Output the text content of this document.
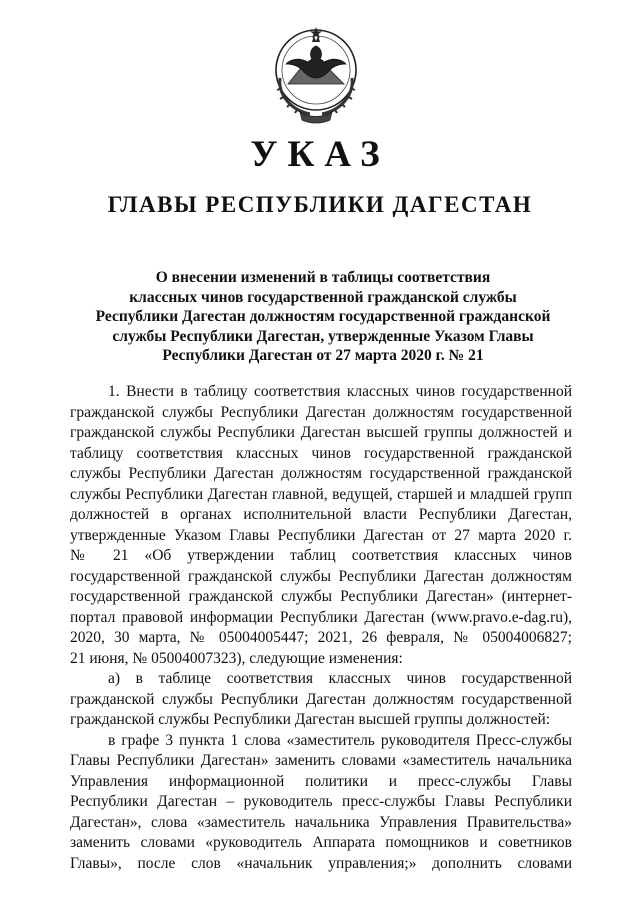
УКАЗ
ГЛАВЫ РЕСПУБЛИКИ ДАГЕСТАН
О внесении изменений в таблицы соответствия
классных чинов государственной гражданской службы
Республики Дагестан должностям государственной гражданской
службы Республики Дагестан, утвержденные Указом Главы
Республики Дагестан от 27 марта 2020 г. № 21
1. Внести в таблицу соответствия классных чинов государственной
гражданской службы Республики Дагестан должностям государственной
гражданской службы Республики Дагестан высшей группы должностей и
таблицу соответствия классных чинов государственной гражданской
службы Республики Дагестан должностям государственной гражданской
службы Республики Дагестан главной, ведущей, старшей и младшей групп
должностей в органах исполнительной власти Республики Дагестан,
утвержденные Указом Главы Республики Дагестан от 27 марта 2020 г.
№ 21 «Об утверждении таблиц соответствия классных чинов
государственной гражданской службы Республики Дагестан должностям
государственной гражданской службы Республики Дагестан» (интернет-
портал правовой информации Республики Дагестан (www.pravo.e-dag.ru),
2020, 30 марта, № 05004005447; 2021, 26 февраля, № 05004006827;
21 июня, № 05004007323), следующие изменения:
а) в таблице соответствия классных чинов государственной
гражданской службы Республики Дагестан должностям государственной
гражданской службы Республики Дагестан высшей группы должностей:
в графе 3 пункта 1 слова «заместитель руководителя Пресс-службы
Главы Республики Дагестан» заменить словами «заместитель начальника
Управления информационной политики и пресс-службы Главы
Республики Дагестан – руководитель пресс-службы Главы Республики
Дагестан», слова «заместитель начальника Управления Правительства»
заменить словами «руководитель Аппарата помощников и советников
Главы», после слов «начальник управления;» дополнить словами
